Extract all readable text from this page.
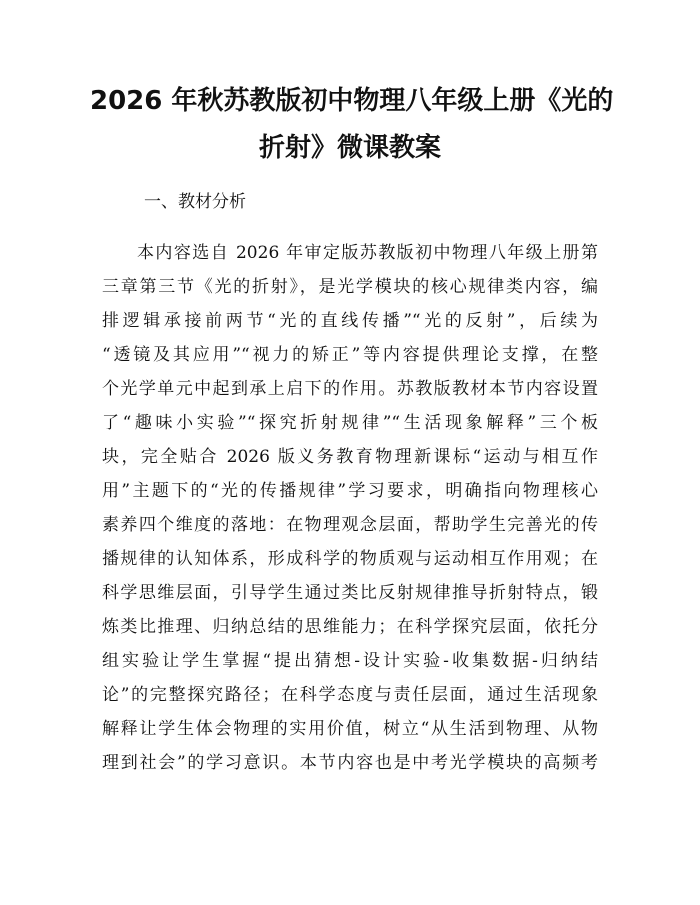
2026 年秋苏教版初中物理八年级上册《光的
折射》微课教案

一、教材分析

本内容选自 2026 年审定版苏教版初中物理八年级上册第

三章第三节《光的折射》，是光学模块的核心规律类内容，编

排逻辑承接前两节“光的直线传播”“光的反射”，后续为

“透镜及其应用”“视力的矫正”等内容提供理论支撑，在整

个光学单元中起到承上启下的作用。苏教版教材本节内容设置

了“趣味小实验”“探究折射规律”“生活现象解释”三个板

块，完全贴合 2026 版义务教育物理新课标“运动与相互作

用”主题下的“光的传播规律”学习要求，明确指向物理核心

素养四个维度的落地：在物理观念层面，帮助学生完善光的传

播规律的认知体系，形成科学的物质观与运动相互作用观；在

科学思维层面，引导学生通过类比反射规律推导折射特点，锻

炼类比推理、归纳总结的思维能力；在科学探究层面，依托分

组实验让学生掌握“提出猜想-设计实验-收集数据-归纳结

论”的完整探究路径；在科学态度与责任层面，通过生活现象

解释让学生体会物理的实用价值，树立“从生活到物理、从物

理到社会”的学习意识。本节内容也是中考光学模块的高频考
